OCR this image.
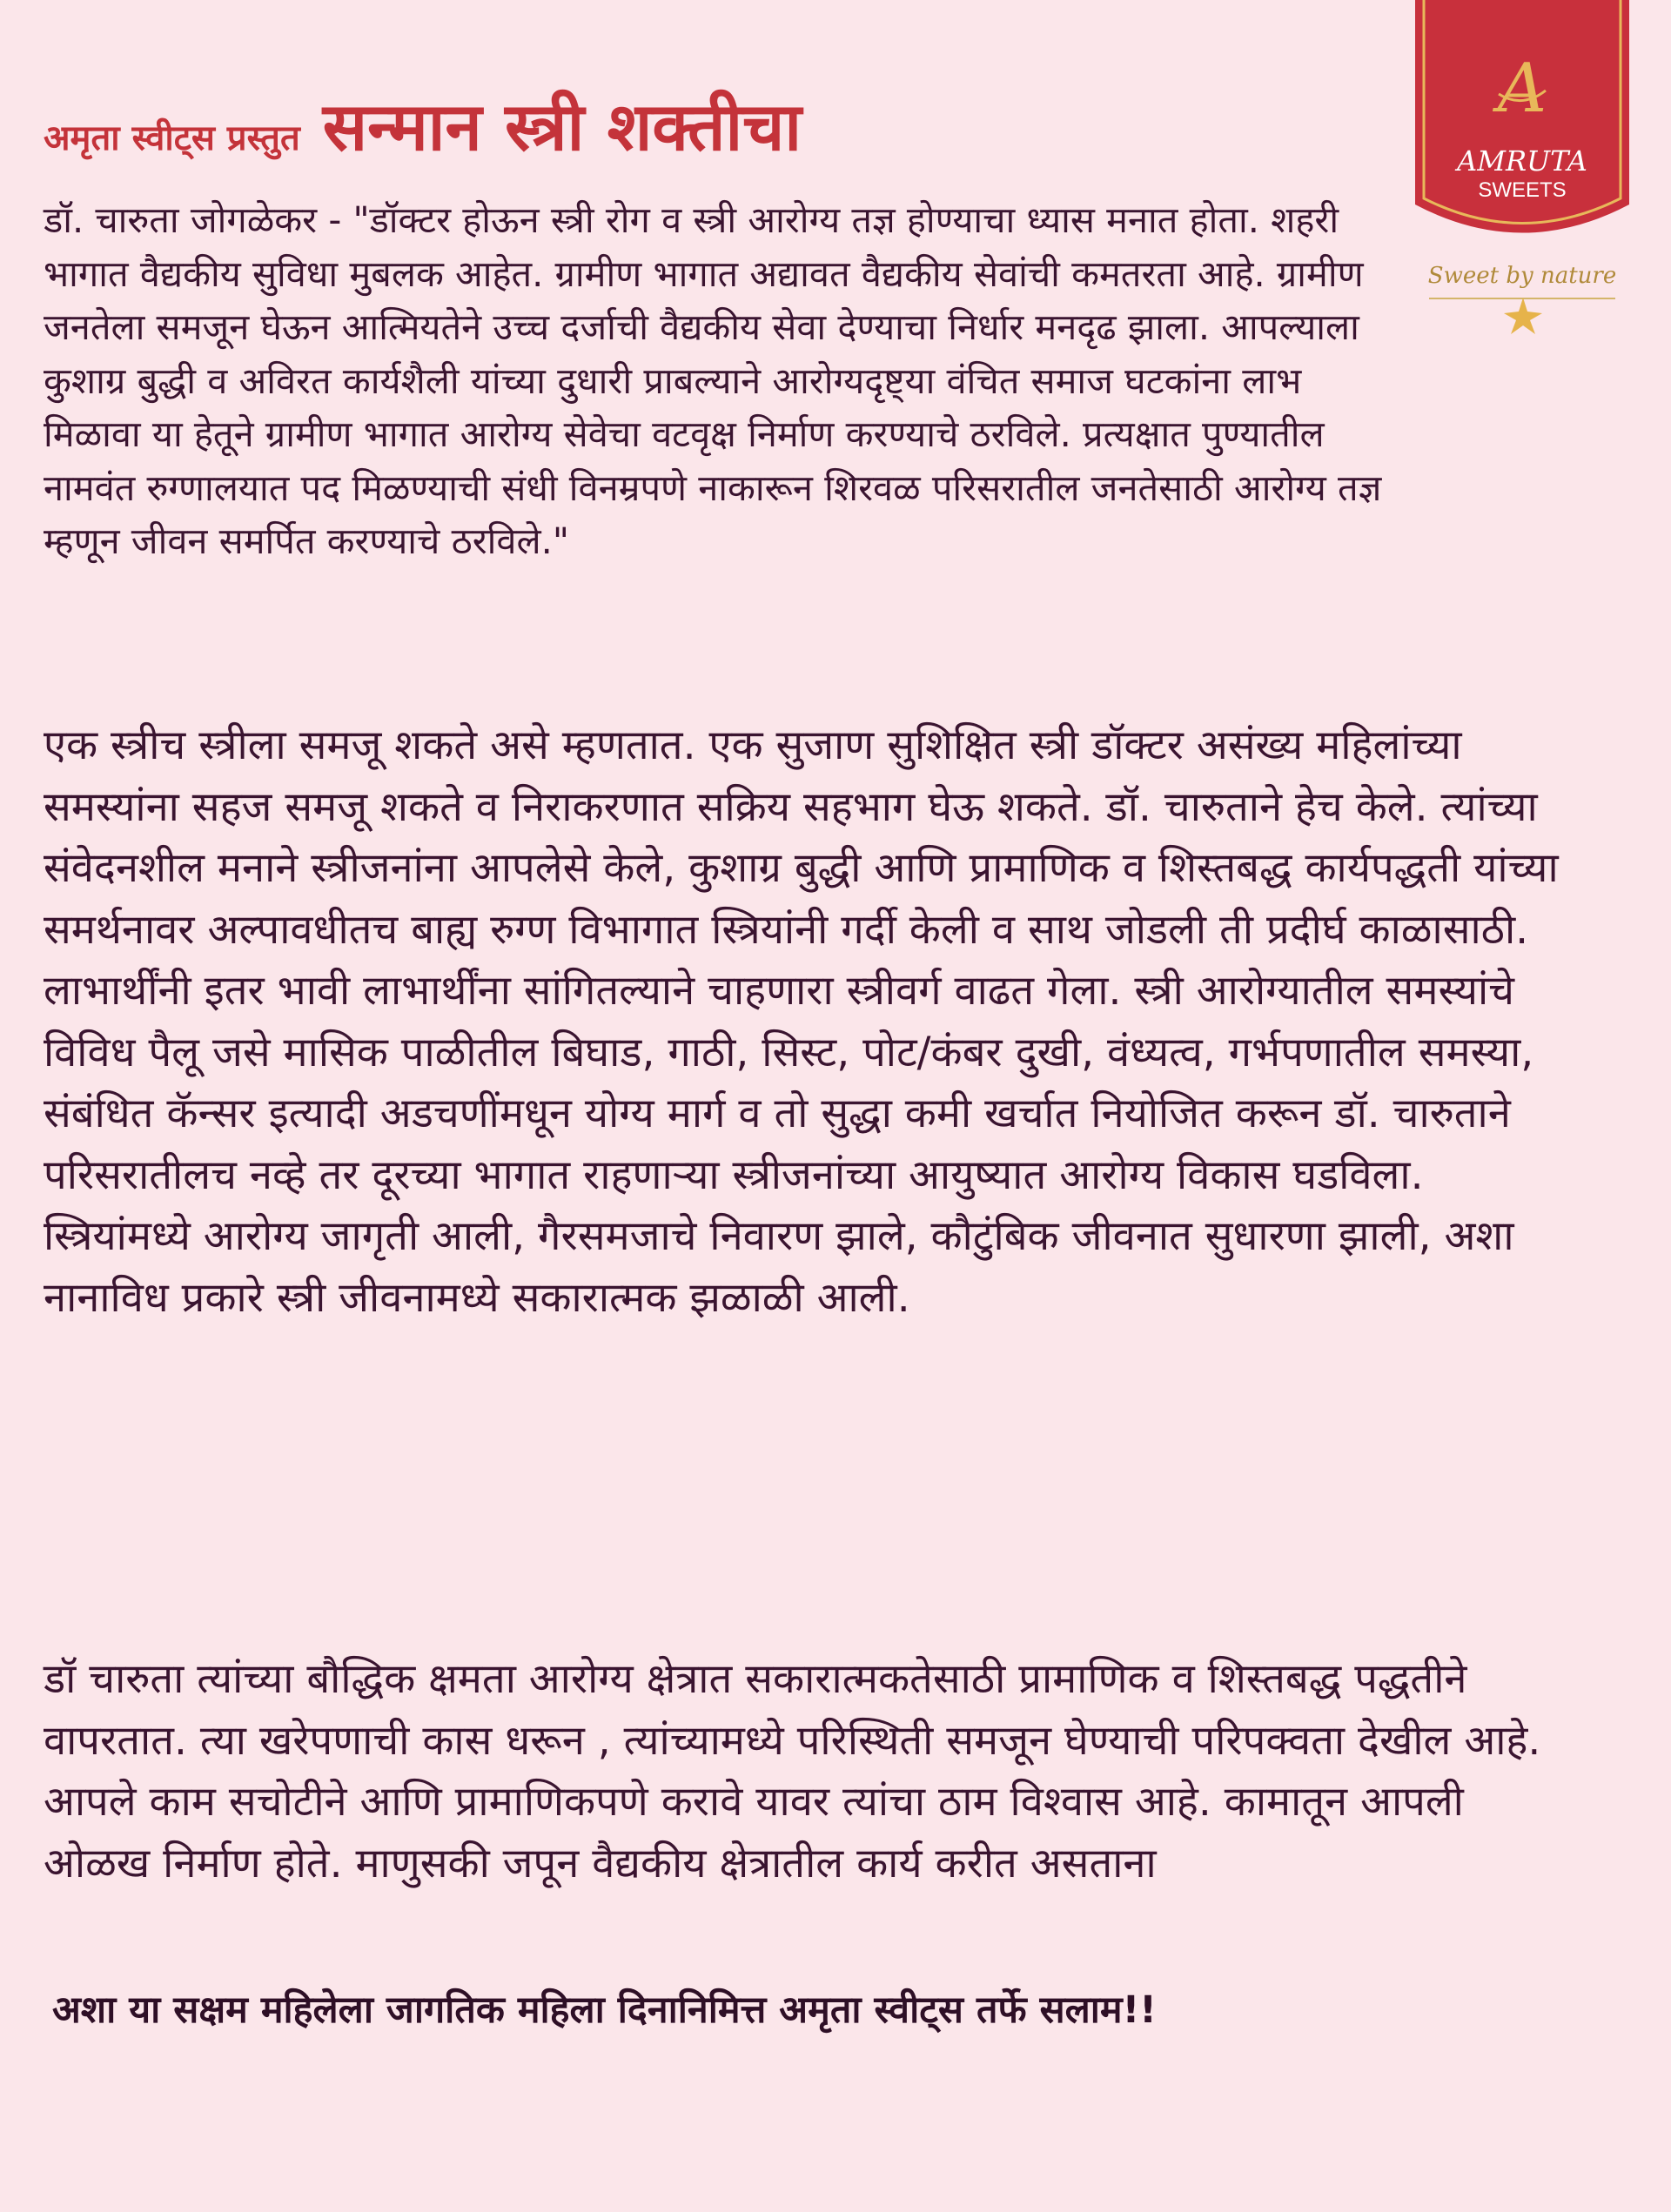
अमृता स्वीट्स प्रस्तुत सन्मान स्त्री शक्तीचा	A
AMRUTA
SWEETS
Sweet by nature

डॉ. चारुता जोगळेकर - "डॉक्टर होऊन स्त्री रोग व स्त्री आरोग्य तज्ञ होण्याचा ध्यास मनात होता. शहरी भागात वैद्यकीय सुविधा मुबलक आहेत. ग्रामीण भागात अद्यावत वैद्यकीय सेवांची कमतरता आहे. ग्रामीण जनतेला समजून घेऊन आत्मियतेने उच्च दर्जाची वैद्यकीय सेवा देण्याचा निर्धार मनदृढ झाला. आपल्याला कुशाग्र बुद्धी व अविरत कार्यशैली यांच्या दुधारी प्राबल्याने आरोग्यदृष्ट्या वंचित समाज घटकांना लाभ मिळावा या हेतूने ग्रामीण भागात आरोग्य सेवेचा वटवृक्ष निर्माण करण्याचे ठरविले. प्रत्यक्षात पुण्यातील नामवंत रुग्णालयात पद मिळण्याची संधी विनम्रपणे नाकारून शिरवळ परिसरातील जनतेसाठी आरोग्य तज्ञ म्हणून जीवन समर्पित करण्याचे ठरविले."

एक स्त्रीच स्त्रीला समजू शकते असे म्हणतात. एक सुजाण सुशिक्षित स्त्री डॉक्टर असंख्य महिलांच्या समस्यांना सहज समजू शकते व निराकरणात सक्रिय सहभाग घेऊ शकते. डॉ. चारुताने हेच केले. त्यांच्या संवेदनशील मनाने स्त्रीजनांना आपलेसे केले, कुशाग्र बुद्धी आणि प्रामाणिक व शिस्तबद्ध कार्यपद्धती यांच्या समर्थनावर अल्पावधीतच बाह्य रुग्ण विभागात स्त्रियांनी गर्दी केली व साथ जोडली ती प्रदीर्घ काळासाठी.
लाभार्थींनी इतर भावी लाभार्थींना सांगितल्याने चाहणारा स्त्रीवर्ग वाढत गेला. स्त्री आरोग्यातील समस्यांचे विविध पैलू जसे मासिक पाळीतील बिघाड, गाठी, सिस्ट, पोट/कंबर दुखी, वंध्यत्व, गर्भपणातील समस्या, संबंधित कॅन्सर इत्यादी अडचणींमधून योग्य मार्ग व तो सुद्धा कमी खर्चात नियोजित करून डॉ. चारुताने परिसरातीलच नव्हे तर दूरच्या भागात राहणाऱ्या स्त्रीजनांच्या आयुष्यात आरोग्य विकास घडविला. स्त्रियांमध्ये आरोग्य जागृती आली, गैरसमजाचे निवारण झाले, कौटुंबिक जीवनात सुधारणा झाली, अशा नानाविध प्रकारे स्त्री जीवनामध्ये सकारात्मक झळाळी आली.

डॉ चारुता त्यांच्या बौद्धिक क्षमता आरोग्य क्षेत्रात सकारात्मकतेसाठी प्रामाणिक व शिस्तबद्ध पद्धतीने वापरतात. त्या खरेपणाची कास धरून , त्यांच्यामध्ये परिस्थिती समजून घेण्याची परिपक्वता देखील आहे. आपले काम सचोटीने आणि प्रामाणिकपणे करावे यावर त्यांचा ठाम विश्वास आहे. कामातून आपली ओळख निर्माण होते. माणुसकी जपून वैद्यकीय क्षेत्रातील कार्य करीत असताना

अशा या सक्षम महिलेला जागतिक महिला दिनानिमित्त अमृता स्वीट्स तर्फे सलाम!!
